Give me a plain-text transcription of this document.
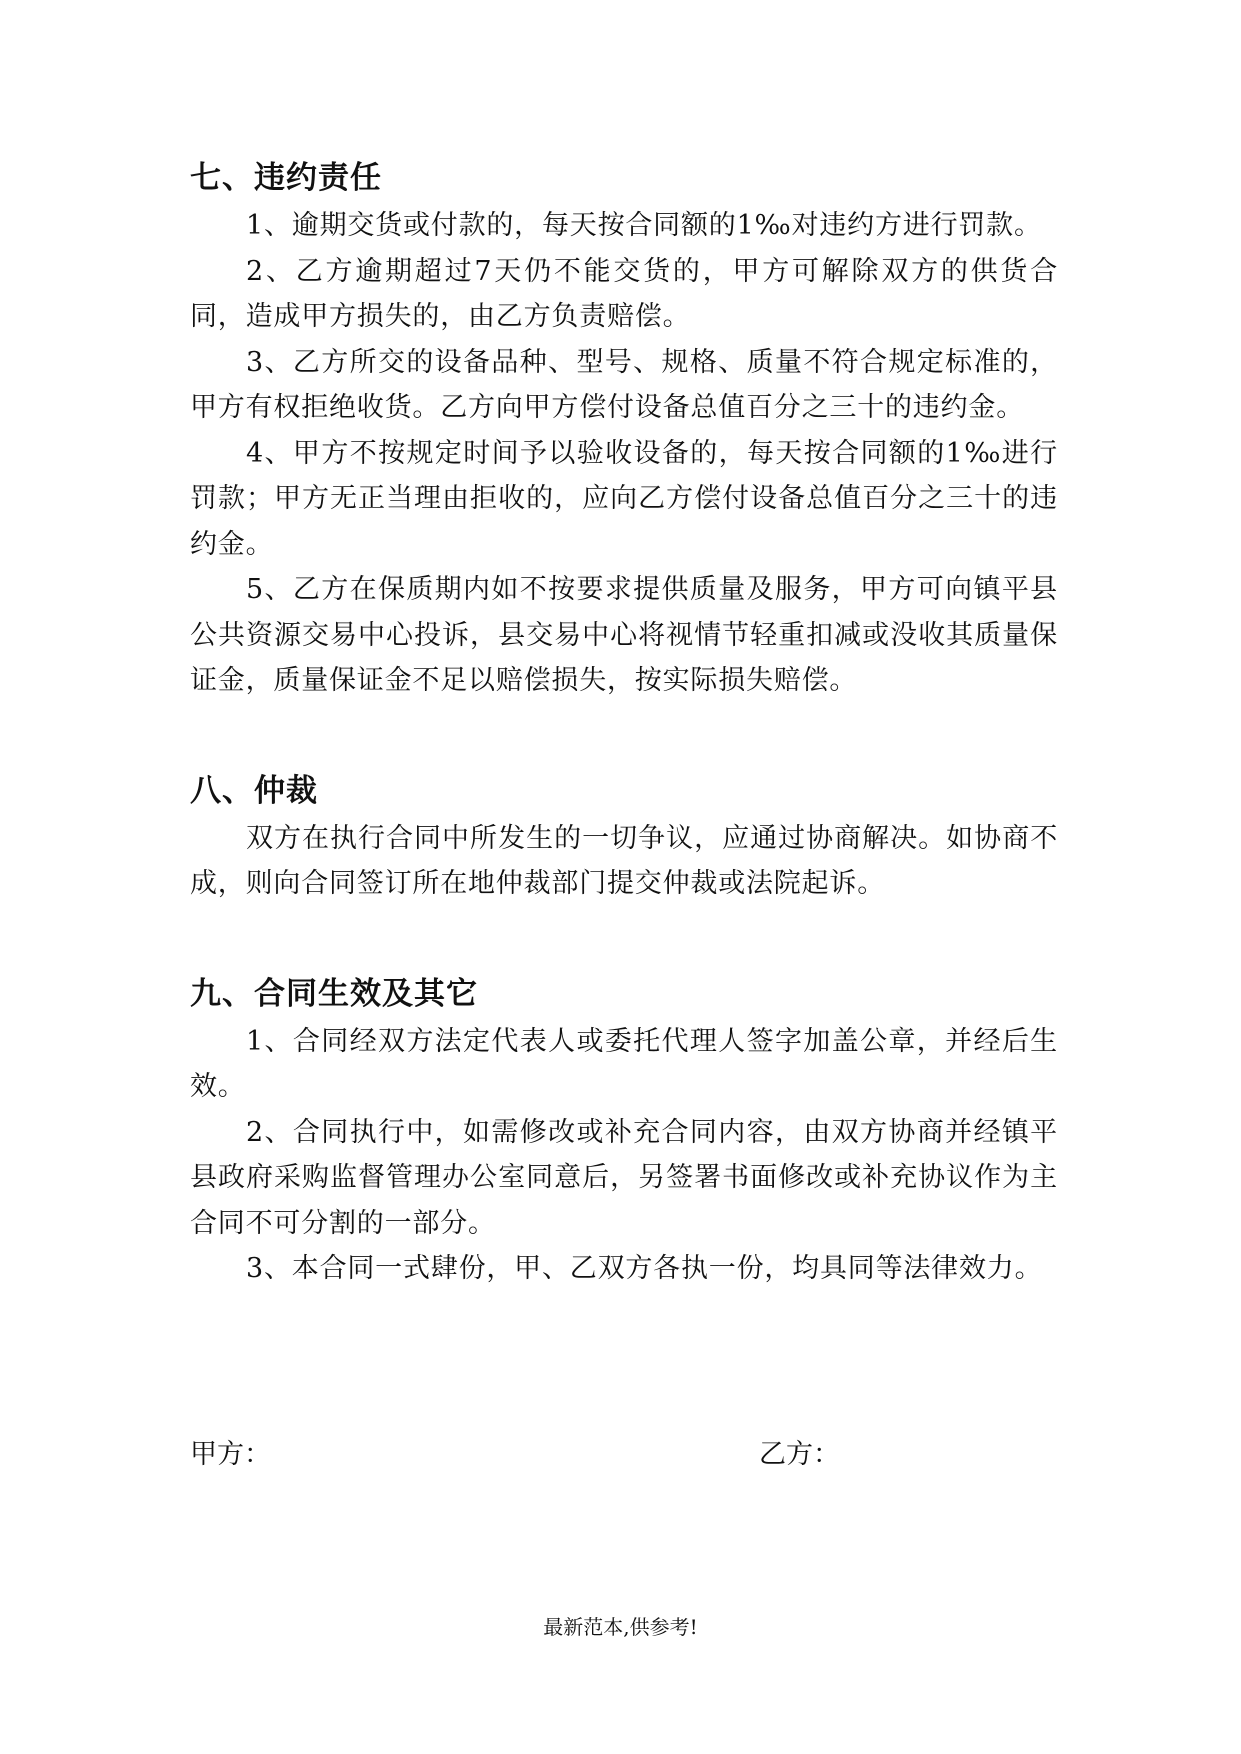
七、违约责任

1、逾期交货或付款的，每天按合同额的1‰对违约方进行罚款。

2、乙方逾期超过7天仍不能交货的，甲方可解除双方的供货合同，造成甲方损失的，由乙方负责赔偿。

3、乙方所交的设备品种、型号、规格、质量不符合规定标准的，甲方有权拒绝收货。乙方向甲方偿付设备总值百分之三十的违约金。

4、甲方不按规定时间予以验收设备的，每天按合同额的1‰进行罚款；甲方无正当理由拒收的，应向乙方偿付设备总值百分之三十的违约金。

5、乙方在保质期内如不按要求提供质量及服务，甲方可向镇平县公共资源交易中心投诉，县交易中心将视情节轻重扣减或没收其质量保证金，质量保证金不足以赔偿损失，按实际损失赔偿。

八、仲裁

双方在执行合同中所发生的一切争议，应通过协商解决。如协商不成，则向合同签订所在地仲裁部门提交仲裁或法院起诉。

九、合同生效及其它

1、合同经双方法定代表人或委托代理人签字加盖公章，并经后生效。

2、合同执行中，如需修改或补充合同内容，由双方协商并经镇平县政府采购监督管理办公室同意后，另签署书面修改或补充协议作为主合同不可分割的一部分。

3、本合同一式肆份，甲、乙双方各执一份，均具同等法律效力。

甲方：	乙方：
最新范本,供参考!
